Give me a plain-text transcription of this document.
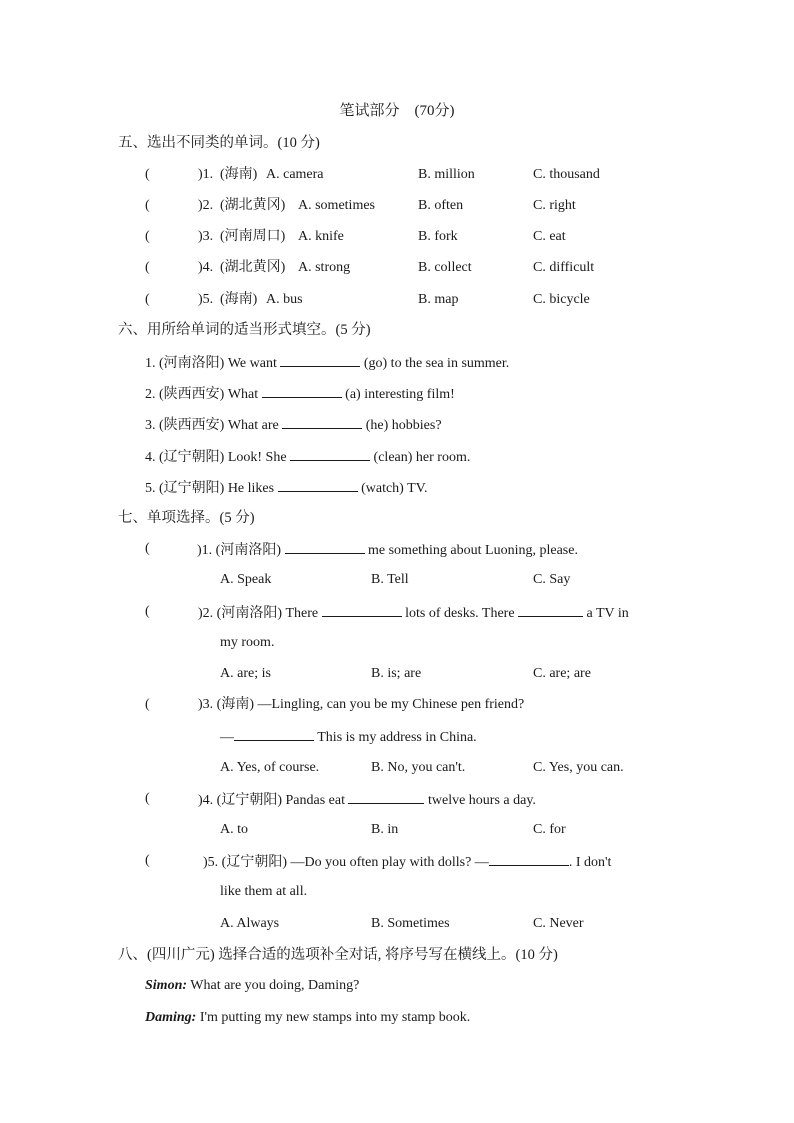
笔试部分　(70分)
五、选出不同类的单词。(10 分)
(	)1. (海南) A. camera	B. million	C. thousand
(	)2. (湖北黄冈) A. sometimes	B. often	C. right
(	)3. (河南周口) A. knife	B. fork	C. eat
(	)4. (湖北黄冈) A. strong	B. collect	C. difficult
(	)5. (海南) A. bus	B. map	C. bicycle
六、用所给单词的适当形式填空。(5 分)
1. (河南洛阳) We want	(go) to the sea in summer.
2. (陕西西安) What	(a) interesting film!
3. (陕西西安) What are	(he) hobbies?
4. (辽宁朝阳) Look! She	(clean) her room.
5. (辽宁朝阳) He likes	(watch) TV.
七、单项选择。(5 分)
(	)1. (河南洛阳)	me something about Luoning, please.
A. Speak	B. Tell	C. Say
(	)2. (河南洛阳) There	lots of desks. There	a TV in
my room.
A. are; is	B. is; are	C. are; are
(	)3. (海南) —Lingling, can you be my Chinese pen friend?
—	This is my address in China.
A. Yes, of course.	B. No, you can't.	C. Yes, you can.
(	)4. (辽宁朝阳) Pandas eat	twelve hours a day.
A. to	B. in	C. for
(	)5. (辽宁朝阳) —Do you often play with dolls? —	. I don't
like them at all.
A. Always	B. Sometimes	C. Never
八、(四川广元) 选择合适的选项补全对话, 将序号写在横线上。(10 分)
Simon: What are you doing, Daming?
Daming: I'm putting my new stamps into my stamp book.
